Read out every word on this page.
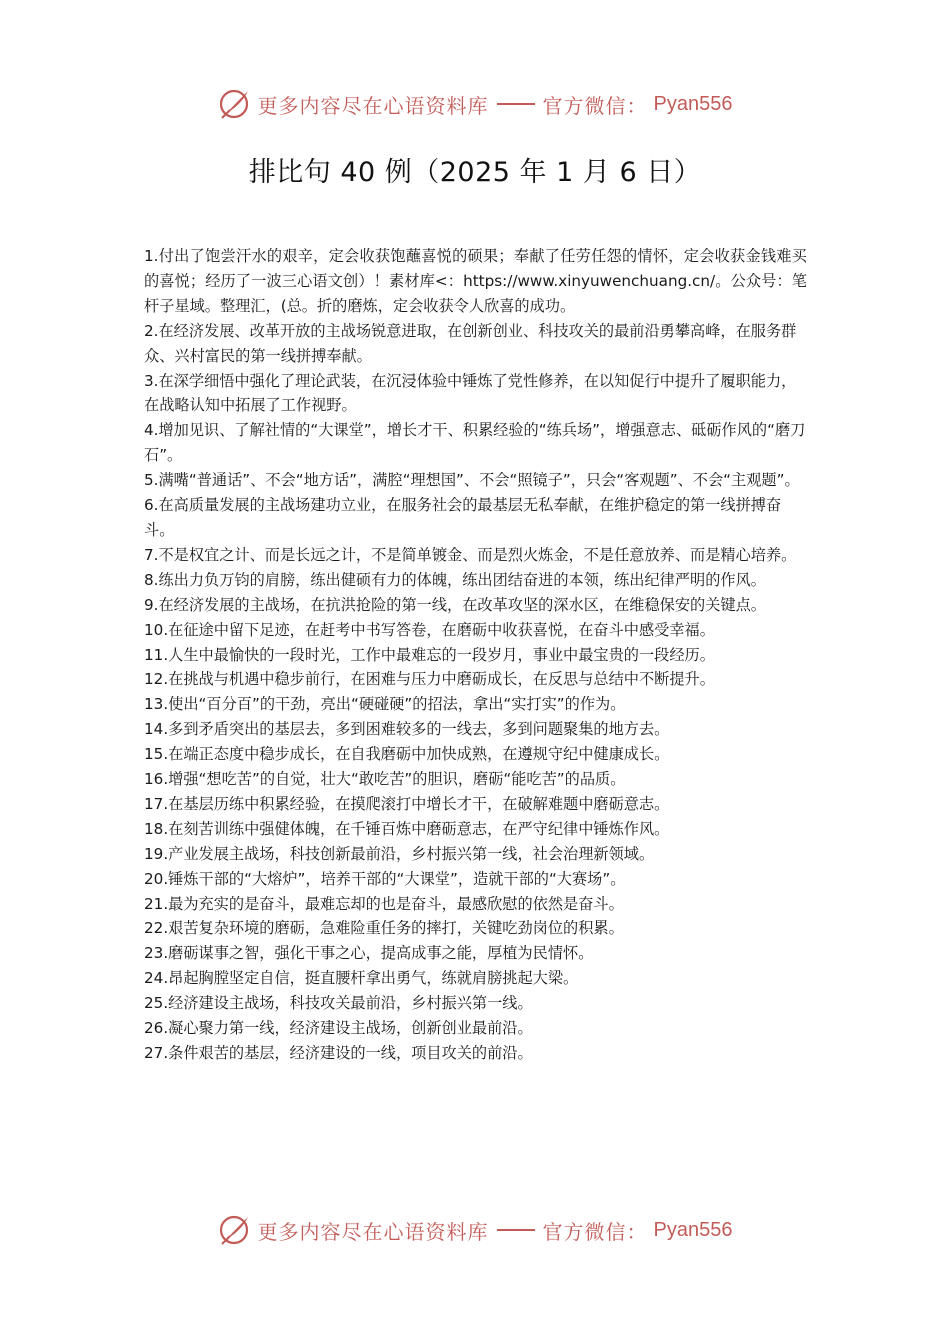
更多内容尽在心语资料库	官方微信： Pyan556
排比句 40 例（2025 年 1 月 6 日）

1.付出了饱尝汗水的艰辛，定会收获饱蘸喜悦的硕果；奉献了任劳任怨的情怀，定会收获金钱难买的喜悦；经历了一波三心语文创）！素材库<：https://www.xinyuwenchuang.cn/。公众号：笔杆子星域。整理汇，(总。折的磨炼，定会收获令人欣喜的成功。

2.在经济发展、改革开放的主战场锐意进取，在创新创业、科技攻关的最前沿勇攀高峰，在服务群众、兴村富民的第一线拼搏奉献。

3.在深学细悟中强化了理论武装，在沉浸体验中锤炼了党性修养，在以知促行中提升了履职能力，在战略认知中拓展了工作视野。

4.增加见识、了解社情的“大课堂”，增长才干、积累经验的“练兵场”，增强意志、砥砺作风的“磨刀石”。

5.满嘴“普通话”、不会“地方话”，满腔“理想国”、不会“照镜子”，只会“客观题”、不会“主观题”。

6.在高质量发展的主战场建功立业，在服务社会的最基层无私奉献，在维护稳定的第一线拼搏奋斗。

7.不是权宜之计、而是长远之计，不是简单镀金、而是烈火炼金，不是任意放养、而是精心培养。

8.练出力负万钧的肩膀，练出健硕有力的体魄，练出团结奋进的本领，练出纪律严明的作风。

9.在经济发展的主战场，在抗洪抢险的第一线，在改革攻坚的深水区，在维稳保安的关键点。

10.在征途中留下足迹，在赶考中书写答卷，在磨砺中收获喜悦，在奋斗中感受幸福。

11.人生中最愉快的一段时光，工作中最难忘的一段岁月，事业中最宝贵的一段经历。

12.在挑战与机遇中稳步前行，在困难与压力中磨砺成长，在反思与总结中不断提升。

13.使出“百分百”的干劲，亮出“硬碰硬”的招法，拿出“实打实”的作为。

14.多到矛盾突出的基层去，多到困难较多的一线去，多到问题聚集的地方去。

15.在端正态度中稳步成长，在自我磨砺中加快成熟，在遵规守纪中健康成长。

16.增强“想吃苦”的自觉，壮大“敢吃苦”的胆识，磨砺“能吃苦”的品质。

17.在基层历练中积累经验，在摸爬滚打中增长才干，在破解难题中磨砺意志。

18.在刻苦训练中强健体魄，在千锤百炼中磨砺意志，在严守纪律中锤炼作风。

19.产业发展主战场，科技创新最前沿，乡村振兴第一线，社会治理新领域。

20.锤炼干部的“大熔炉”，培养干部的“大课堂”，造就干部的“大赛场”。

21.最为充实的是奋斗，最难忘却的也是奋斗，最感欣慰的依然是奋斗。

22.艰苦复杂环境的磨砺，急难险重任务的摔打，关键吃劲岗位的积累。

23.磨砺谋事之智，强化干事之心，提高成事之能，厚植为民情怀。

24.昂起胸膛坚定自信，挺直腰杆拿出勇气，练就肩膀挑起大梁。

25.经济建设主战场，科技攻关最前沿，乡村振兴第一线。

26.凝心聚力第一线，经济建设主战场，创新创业最前沿。

27.条件艰苦的基层，经济建设的一线，项目攻关的前沿。

更多内容尽在心语资料库	官方微信： Pyan556
